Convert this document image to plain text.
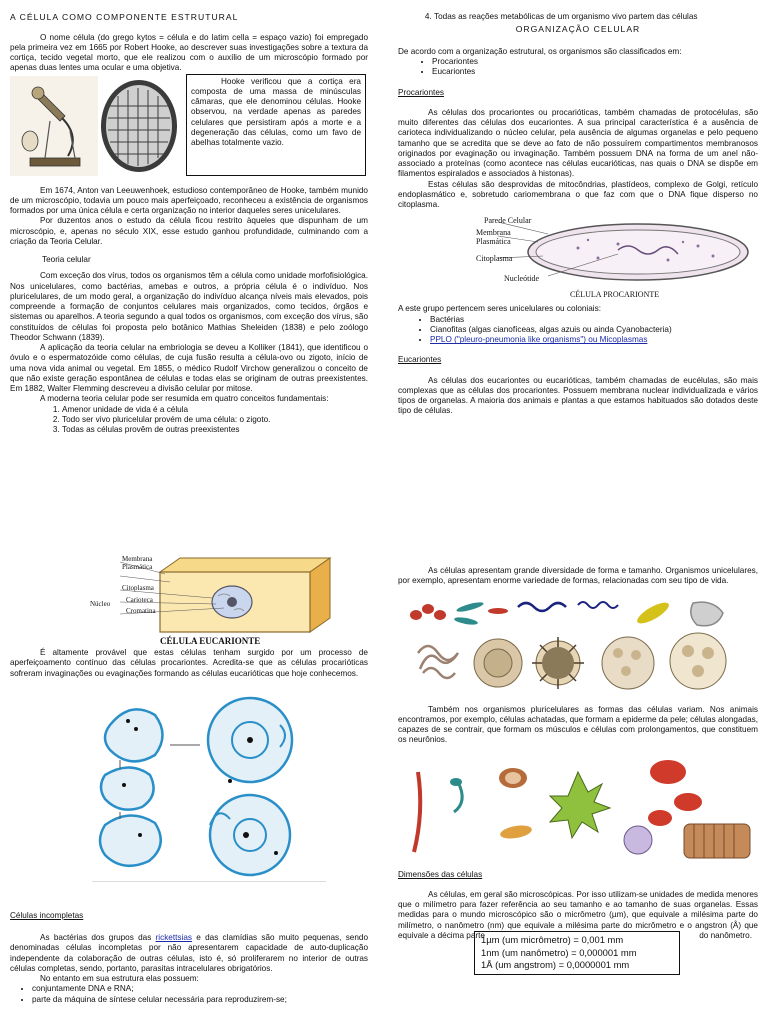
A CÉLULA COMO COMPONENTE ESTRUTURAL

O nome célula (do grego kytos = célula e do latim cella = espaço vazio) foi empregado pela primeira vez em 1665 por Robert Hooke, ao descrever suas investigações sobre a textura da cortiça, tecido vegetal morto, que ele realizou com o auxílio de um microscópio formado por apenas duas lentes uma ocular e uma objetiva.

Hooke verificou que a cortiça era composta de uma massa de minúsculas câmaras, que ele denominou células. Hooke observou, na verdade apenas as paredes celulares que persistiram após a morte e a degeneração das células, como um favo de abelhas totalmente vazio.

Em 1674, Anton van Leeuwenhoek, estudioso contemporâneo de Hooke, também munido de um microscópio, todavia um pouco mais aperfeiçoado, reconheceu a existência de organismos formados por uma única célula e certa organização no interior daqueles seres unicelulares.

Por duzentos anos o estudo da célula ficou restrito àqueles que dispunham de um microscópio, e, apenas no século XIX, esse estudo ganhou profundidade, culminando com a criação da Teoria Celular.

Teoria celular

Com exceção dos vírus, todos os organismos têm a célula como unidade morfofisiológica. Nos unicelulares, como bactérias, amebas e outros, a própria célula é o indivíduo. Nos pluricelulares, de um modo geral, a organização do indivíduo alcança níveis mais elevados, pois compreende a formação de conjuntos celulares mais organizados, como tecidos, órgãos e sistemas ou aparelhos. A teoria segundo a qual todos os organismos, com exceção dos vírus, são constituídos de células foi proposta pelo botânico Mathias Sheleiden (1838) e pelo zoólogo Theodor Schwann (1839).

A aplicação da teoria celular na embriologia se deveu a Kolliker (1841), que identificou o óvulo e o espermatozóide como células, de cuja fusão resulta a célula-ovo ou zigoto, início de uma nova vida animal ou vegetal. Em 1855, o médico Rudolf Virchow generalizou o conceito de que não existe geração espontânea de células e todas elas se originam de outras preexistentes. Em 1882, Walter Flemming descreveu a divisão celular por mitose.

A moderna teoria celular pode ser resumida em quatro conceitos fundamentais:

1. Amenor unidade de vida é a célula
2. Todo ser vivo pluricelular provém de uma célula: o zigoto.
3. Todas as células provêm de outras preexistentes
4. Todas as reações metabólicas de um organismo vivo partem das células
ORGANIZAÇÃO CELULAR

De acordo com a organização estrutural, os organismos são classificados em:

• Procariontes
• Eucariontes
Procariontes

As células dos procariontes ou procarióticas, também chamadas de protocélulas, são muito diferentes das células dos eucariontes. A sua principal característica é a ausência de carioteca individualizando o núcleo celular, pela ausência de algumas organelas e pelo pequeno tamanho que se acredita que se deve ao fato de não possuírem compartimentos membranosos originados por evaginação ou invaginação. Também possuem DNA na forma de um anel não-associado a proteínas (como acontece nas células eucarióticas, nas quais o DNA se dispõe em filamentos espiralados e associados à histonas).

Estas células são desprovidas de mitocôndrias, plastídeos, complexo de Golgi, retículo endoplasmático e, sobretudo cariomembrana o que faz com que o DNA fique disperso no citoplasma.

Parede Celular
Membrana Plasmática
Citoplasma
Nucleótide
CÉLULA PROCARIONTE

A este grupo pertencem seres unicelulares ou coloniais:

• Bactérias
• Cianofitas (algas cianofíceas, algas azuis ou ainda Cyanobacteria)
• PPLO ("pleuro-pneumonia like organisms") ou Micoplasmas
Eucariontes

As células dos eucariontes ou eucarióticas, também chamadas de eucélulas, são mais complexas que as células dos procariontes. Possuem membrana nuclear individualizada e vários tipos de organelas. A maioria dos animais e plantas a que estamos habituados são dotados deste tipo de células.

Membrana Plasmática
Citoplasma
Núcleo Carioteca
Cromatina
CÉLULA EUCARIONTE

É altamente provável que estas células tenham surgido por um processo de aperfeiçoamento contínuo das células procariontes. Acredita-se que as células procarióticas sofreram invaginações ou evaginações formando as células eucarióticas que hoje conhecemos.

Células incompletas

As bactérias dos grupos das rickettsias e das clamídias são muito pequenas, sendo denominadas células incompletas por não apresentarem capacidade de auto-duplicação independente da colaboração de outras células, isto é, só proliferarem no interior de outras células completas, sendo, portanto, parasitas intracelulares obrigatórios.

No entanto em sua estrutura elas possuem:

• conjuntamente DNA e RNA;
• parte da máquina de síntese celular necessária para reproduzirem-se;

As células apresentam grande diversidade de forma e tamanho. Organismos unicelulares, por exemplo, apresentam enorme variedade de formas, relacionadas com seu tipo de vida.

Também nos organismos pluricelulares as formas das células variam. Nos animais encontramos, por exemplo, células achatadas, que formam a epiderme da pele; células alongadas, capazes de se contrair, que formam os músculos e células com prolongamentos, que constituem os neurônios.

Dimensões das células

As células, em geral são microscópicas. Por isso utilizam-se unidades de medida menores que o milímetro para fazer referência ao seu tamanho e ao tamanho de suas organelas. Essas medidas para o mundo microscópico são o micrômetro (µm), que equivale a milésima parte do milímetro, o nanômetro (nm) que equivale a milésima parte do micrômetro e o angstron (Å) que equivale a décima parte	do nanômetro.

1µm (um micrômetro) = 0,001 mm
1nm (um nanômetro) = 0,000001 mm
1Å (um angstrom) = 0,0000001 mm
